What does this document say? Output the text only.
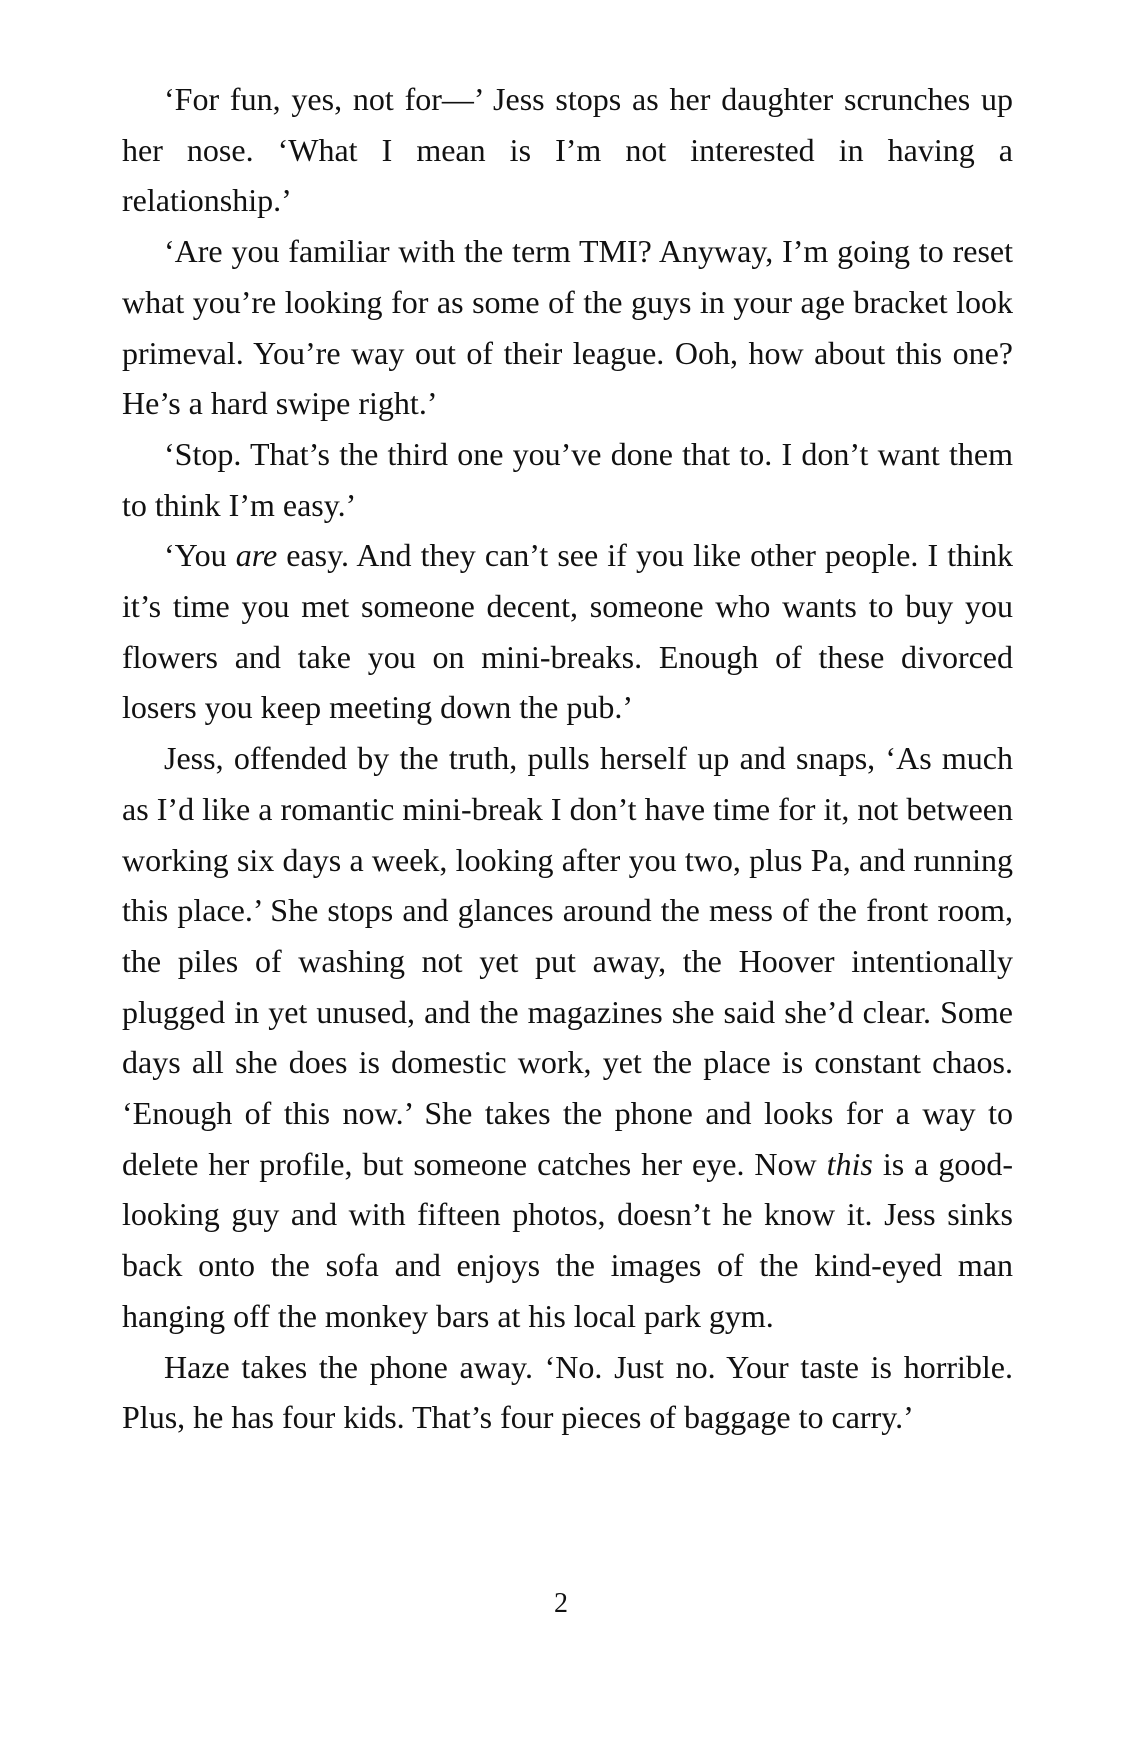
‘For fun, yes, not for—’ Jess stops as her daughter scrunches up her nose. ‘What I mean is I’m not interested in having a relationship.’

‘Are you familiar with the term TMI? Anyway, I’m going to reset what you’re looking for as some of the guys in your age bracket look primeval. You’re way out of their league. Ooh, how about this one? He’s a hard swipe right.’

‘Stop. That’s the third one you’ve done that to. I don’t want them to think I’m easy.’

‘You are easy. And they can’t see if you like other people. I think it’s time you met someone decent, someone who wants to buy you flowers and take you on mini-breaks. Enough of these divorced losers you keep meeting down the pub.’

Jess, offended by the truth, pulls herself up and snaps, ‘As much as I’d like a romantic mini-break I don’t have time for it, not between working six days a week, looking after you two, plus Pa, and running this place.’ She stops and glances around the mess of the front room, the piles of washing not yet put away, the Hoover intentionally plugged in yet unused, and the magazines she said she’d clear. Some days all she does is domestic work, yet the place is constant chaos. ‘Enough of this now.’ She takes the phone and looks for a way to delete her profile, but someone catches her eye. Now this is a good-looking guy and with fifteen photos, doesn’t he know it. Jess sinks back onto the sofa and enjoys the images of the kind-eyed man hanging off the monkey bars at his local park gym.

Haze takes the phone away. ‘No. Just no. Your taste is horrible. Plus, he has four kids. That’s four pieces of baggage to carry.’

2
